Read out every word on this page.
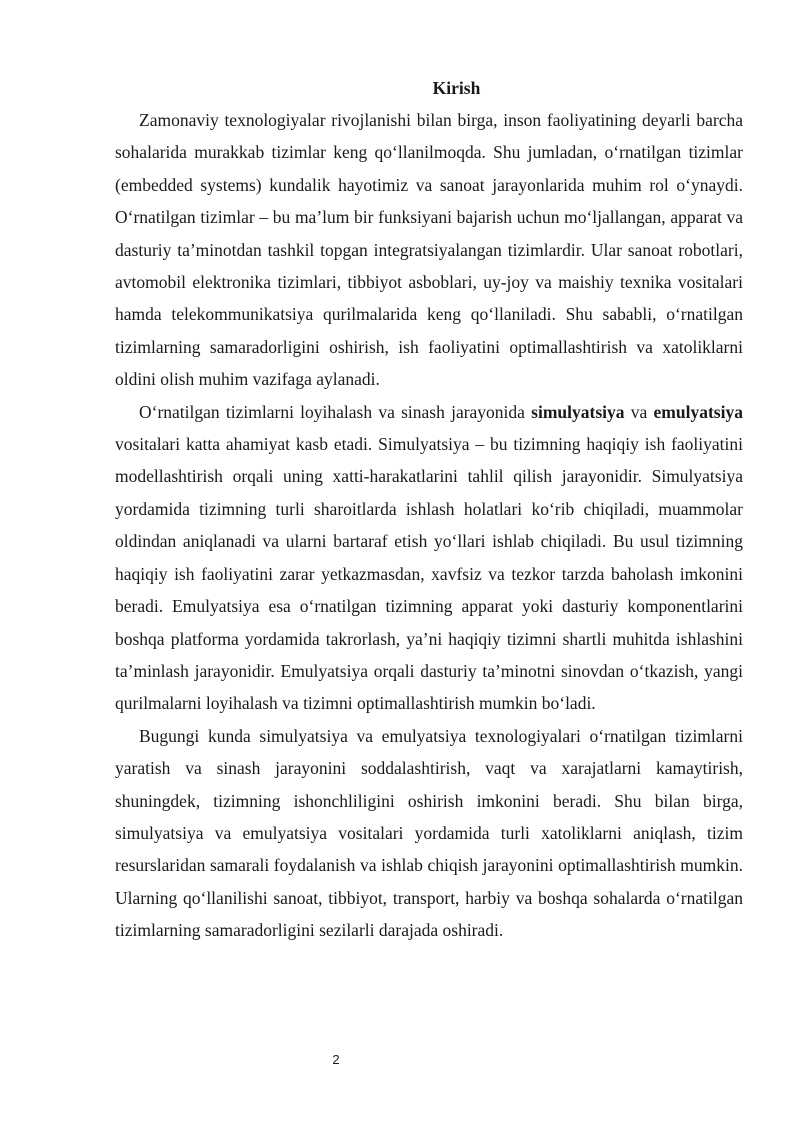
Kirish

Zamonaviy texnologiyalar rivojlanishi bilan birga, inson faoliyatining deyarli barcha sohalarida murakkab tizimlar keng qo‘llanilmoqda. Shu jumladan, o‘rnatilgan tizimlar (embedded systems) kundalik hayotimiz va sanoat jarayonlarida muhim rol o‘ynaydi. O‘rnatilgan tizimlar – bu ma’lum bir funksiyani bajarish uchun mo‘ljallangan, apparat va dasturiy ta’minotdan tashkil topgan integratsiyalangan tizimlardir. Ular sanoat robotlari, avtomobil elektronika tizimlari, tibbiyot asboblari, uy-joy va maishiy texnika vositalari hamda telekommunikatsiya qurilmalarida keng qo‘llaniladi. Shu sababli, o‘rnatilgan tizimlarning samaradorligini oshirish, ish faoliyatini optimallashtirish va xatoliklarni oldini olish muhim vazifaga aylanadi.

O‘rnatilgan tizimlarni loyihalash va sinash jarayonida simulyatsiya va emulyatsiya vositalari katta ahamiyat kasb etadi. Simulyatsiya – bu tizimning haqiqiy ish faoliyatini modellashtirish orqali uning xatti-harakatlarini tahlil qilish jarayonidir. Simulyatsiya yordamida tizimning turli sharoitlarda ishlash holatlari ko‘rib chiqiladi, muammolar oldindan aniqlanadi va ularni bartaraf etish yo‘llari ishlab chiqiladi. Bu usul tizimning haqiqiy ish faoliyatini zarar yetkazmasdan, xavfsiz va tezkor tarzda baholash imkonini beradi. Emulyatsiya esa o‘rnatilgan tizimning apparat yoki dasturiy komponentlarini boshqa platforma yordamida takrorlash, ya’ni haqiqiy tizimni shartli muhitda ishlashini ta’minlash jarayonidir. Emulyatsiya orqali dasturiy ta’minotni sinovdan o‘tkazish, yangi qurilmalarni loyihalash va tizimni optimallashtirish mumkin bo‘ladi.

Bugungi kunda simulyatsiya va emulyatsiya texnologiyalari o‘rnatilgan tizimlarni yaratish va sinash jarayonini soddalashtirish, vaqt va xarajatlarni kamaytirish, shuningdek, tizimning ishonchliligini oshirish imkonini beradi. Shu bilan birga, simulyatsiya va emulyatsiya vositalari yordamida turli xatoliklarni aniqlash, tizim resurslaridan samarali foydalanish va ishlab chiqish jarayonini optimallashtirish mumkin. Ularning qo‘llanilishi sanoat, tibbiyot, transport, harbiy va boshqa sohalarda o‘rnatilgan tizimlarning samaradorligini sezilarli darajada oshiradi.

2
